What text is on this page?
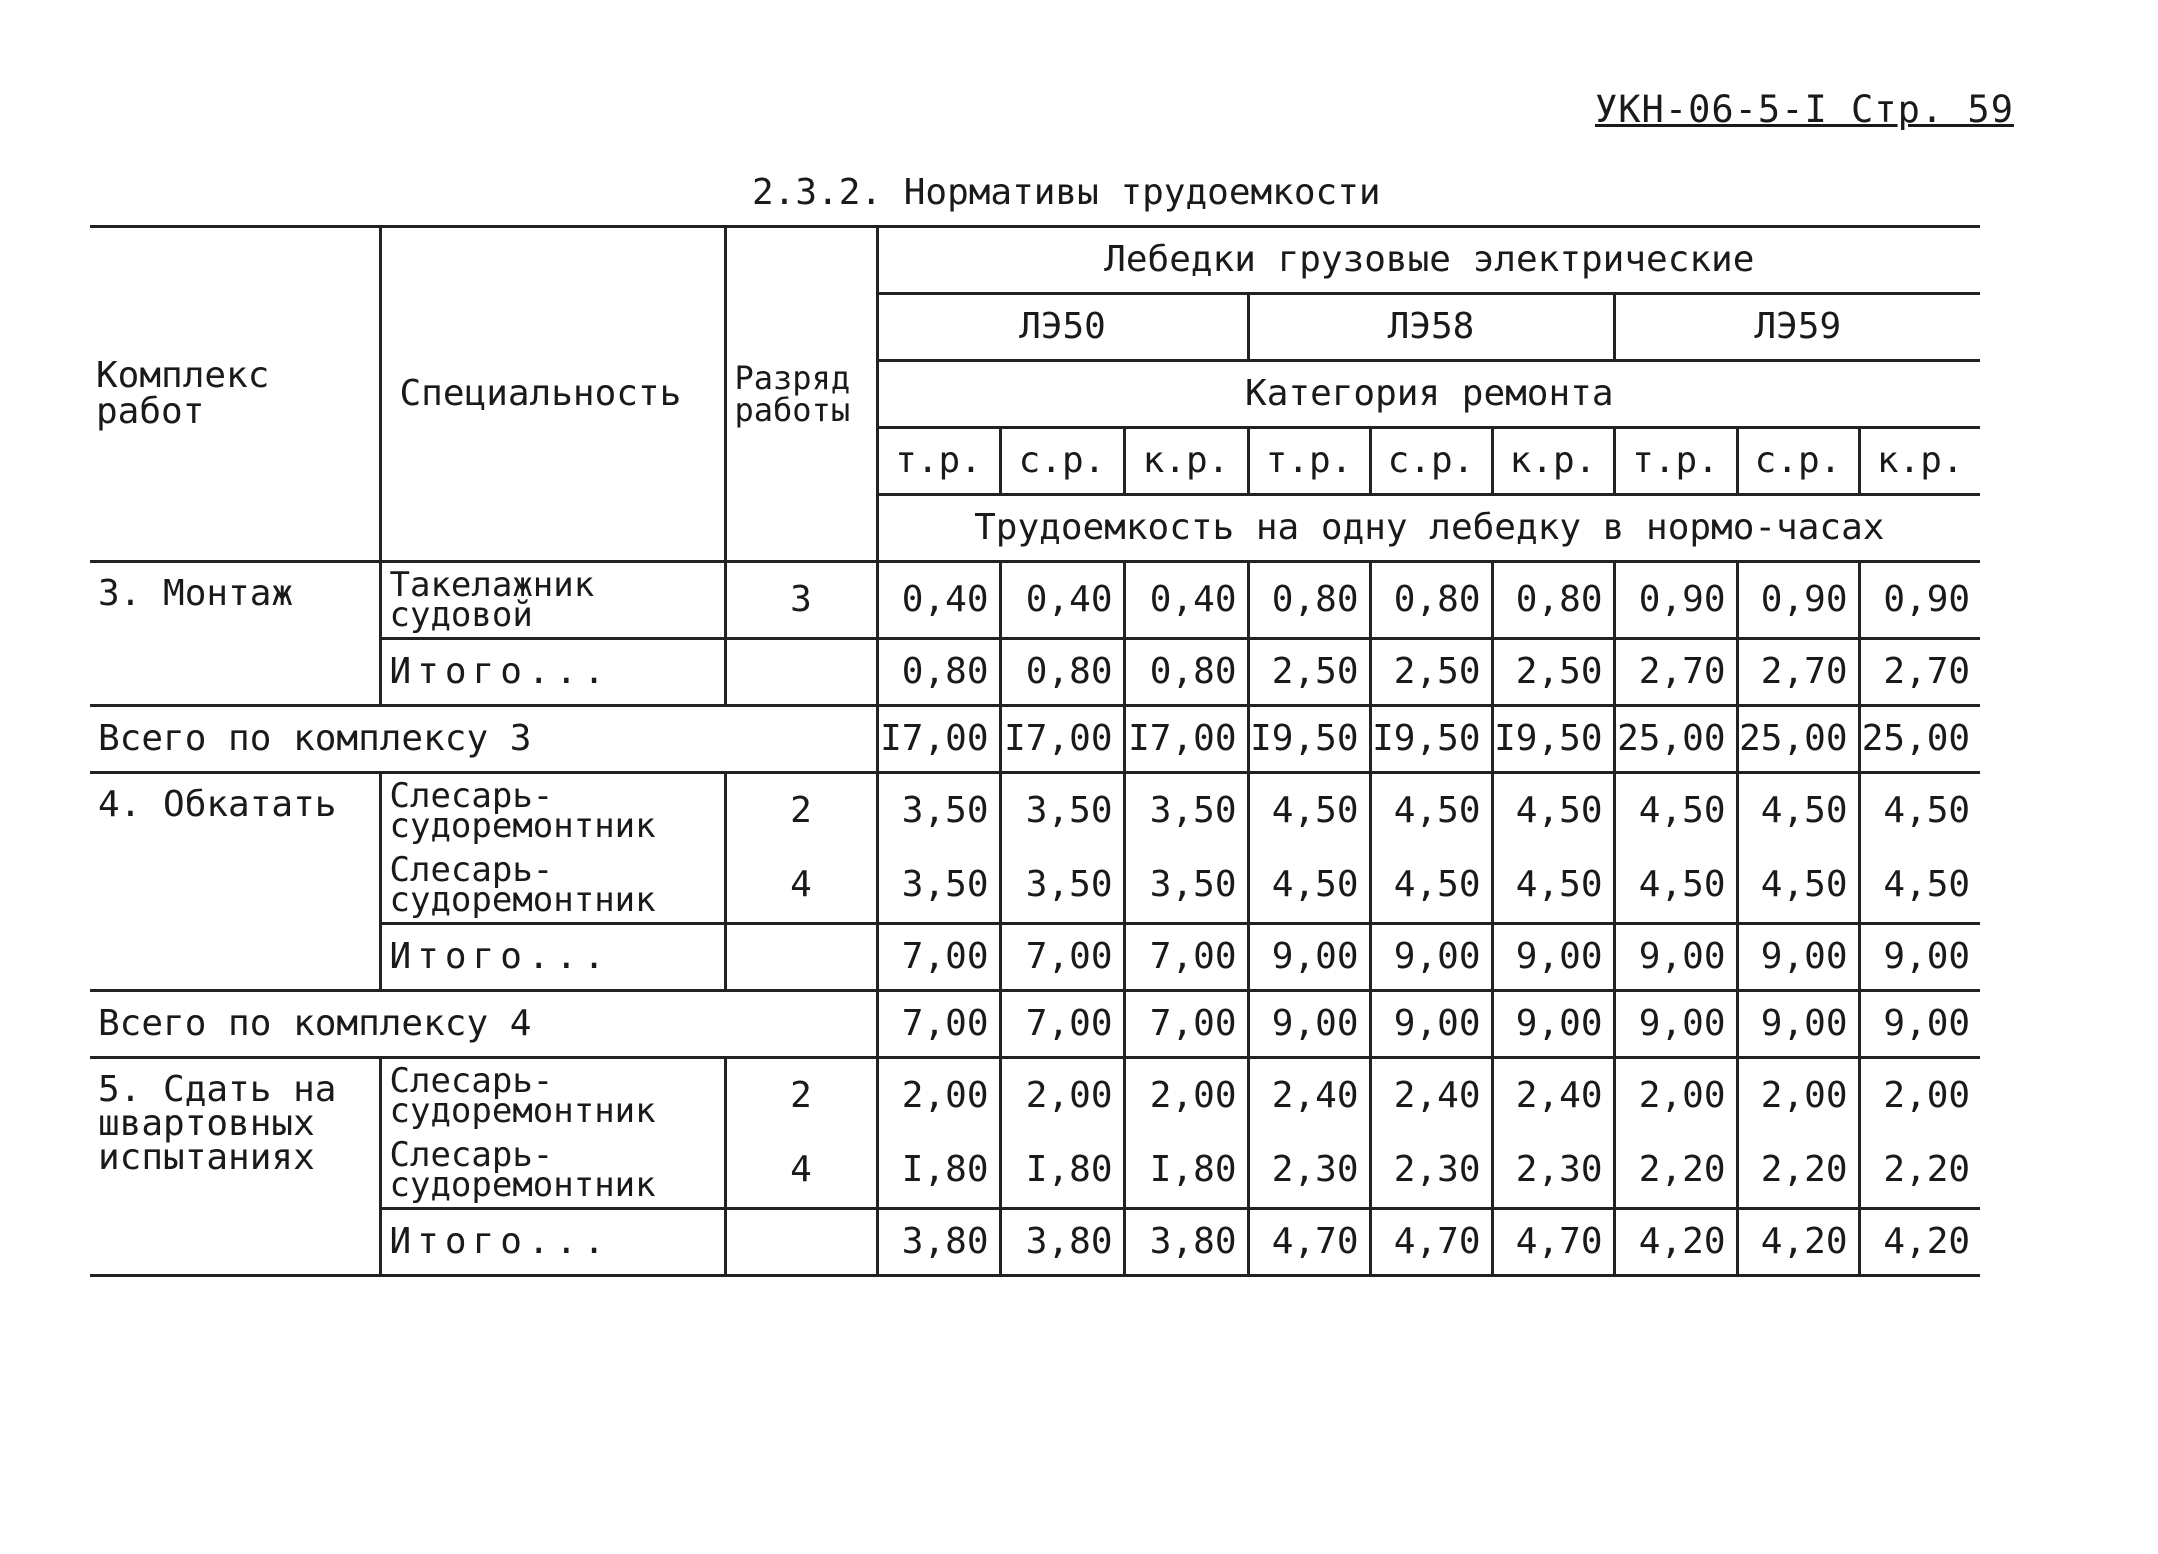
УКН-06-5-I Стр. 59
2.3.2. Нормативы трудоемкости
Комплекс работ	Специальность	Разряд работы	Лебедки грузовые электрические								
			ЛЭ50			ЛЭ58			ЛЭ59		
			Категория ремонта								
			т.р.	с.р.	к.р.	т.р.	с.р.	к.р.	т.р.	с.р.	к.р.
			Трудоемкость на одну лебедку в нормо-часах								
3. Монтаж	Такелажник судовой	3	0,40	0,40	0,40	0,80	0,80	0,80	0,90	0,90	0,90
	Итого...		0,80	0,80	0,80	2,50	2,50	2,50	2,70	2,70	2,70
Всего по комплексу 3			I7,00	I7,00	I7,00	I9,50	I9,50	I9,50	25,00	25,00	25,00
4. Обкатать	Слесарь-судоремонтник	2	3,50	3,50	3,50	4,50	4,50	4,50	4,50	4,50	4,50
	Слесарь-судоремонтник	4	3,50	3,50	3,50	4,50	4,50	4,50	4,50	4,50	4,50
	Итого...		7,00	7,00	7,00	9,00	9,00	9,00	9,00	9,00	9,00
Всего по комплексу 4			7,00	7,00	7,00	9,00	9,00	9,00	9,00	9,00	9,00
5. Сдать на швартовных испытаниях	Слесарь-судоремонтник	2	2,00	2,00	2,00	2,40	2,40	2,40	2,00	2,00	2,00
	Слесарь-судоремонтник	4	I,80	I,80	I,80	2,30	2,30	2,30	2,20	2,20	2,20
	Итого...		3,80	3,80	3,80	4,70	4,70	4,70	4,20	4,20	4,20
